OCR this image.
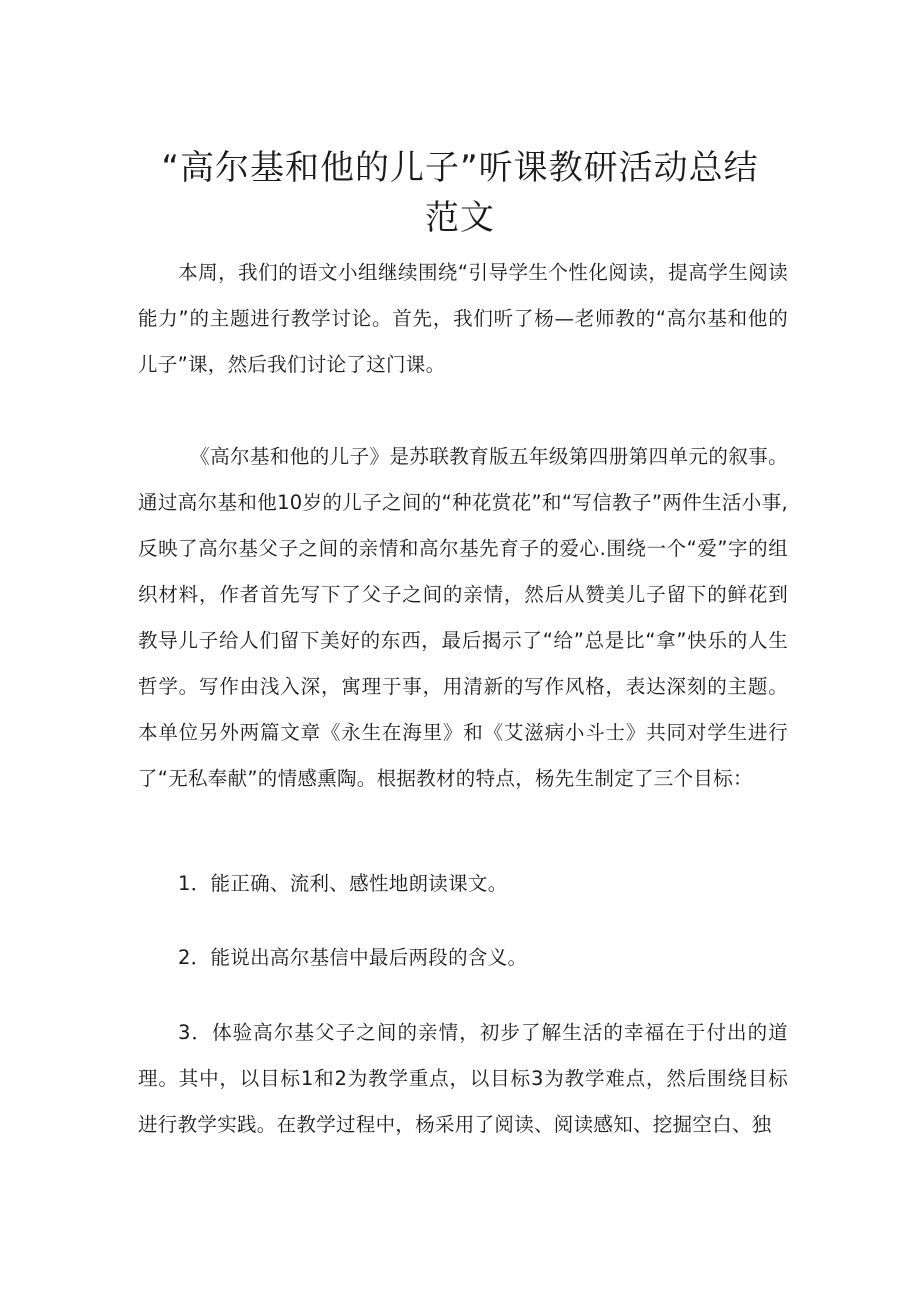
“高尔基和他的儿子”听课教研活动总结
范文

本周，我们的语文小组继续围绕“引导学生个性化阅读，提高学生阅读能力”的主题进行教学讨论。首先，我们听了杨—老师教的“高尔基和他的儿子”课，然后我们讨论了这门课。

《高尔基和他的儿子》是苏联教育版五年级第四册第四单元的叙事。通过高尔基和他10岁的儿子之间的“种花赏花”和“写信教子”两件生活小事,反映了高尔基父子之间的亲情和高尔基先育子的爱心.围绕一个“爱”字的组织材料，作者首先写下了父子之间的亲情，然后从赞美儿子留下的鲜花到教导儿子给人们留下美好的东西，最后揭示了“给”总是比“拿”快乐的人生哲学。写作由浅入深，寓理于事，用清新的写作风格，表达深刻的主题。本单位另外两篇文章《永生在海里》和《艾滋病小斗士》共同对学生进行了“无私奉献”的情感熏陶。根据教材的特点，杨先生制定了三个目标：

1．能正确、流利、感性地朗读课文。

2．能说出高尔基信中最后两段的含义。

3．体验高尔基父子之间的亲情，初步了解生活的幸福在于付出的道理。其中，以目标1和2为教学重点，以目标3为教学难点，然后围绕目标进行教学实践。在教学过程中，杨采用了阅读、阅读感知、挖掘空白、独
